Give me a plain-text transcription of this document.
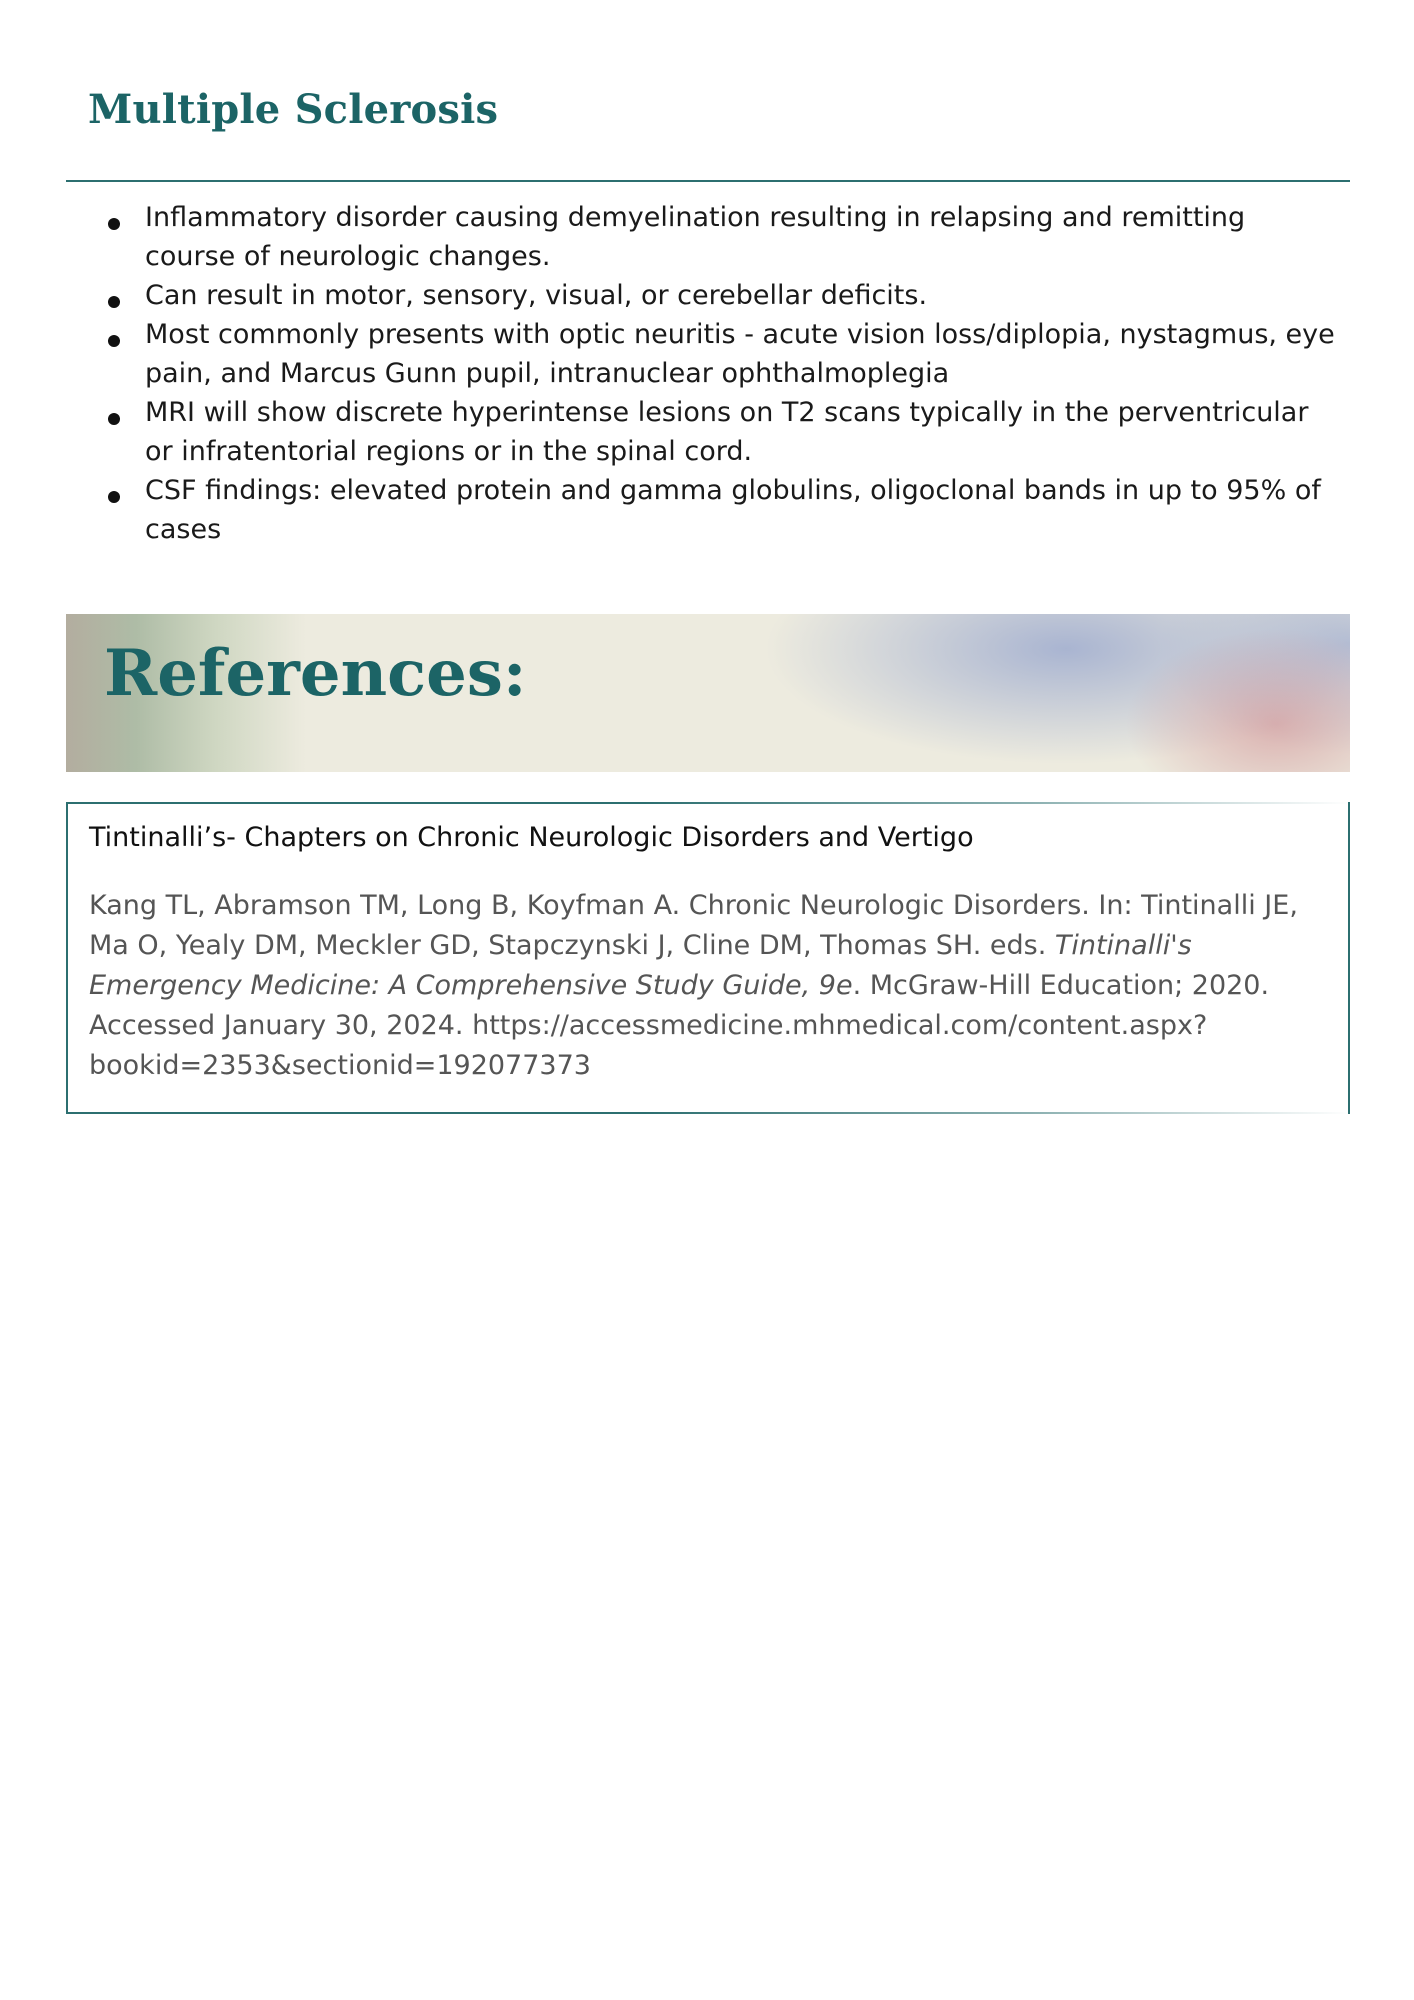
Multiple Sclerosis
Inflammatory disorder causing demyelination resulting in relapsing and remitting course of neurologic changes.
Can result in motor, sensory, visual, or cerebellar deficits.
Most commonly presents with optic neuritis - acute vision loss/diplopia, nystagmus, eye pain, and Marcus Gunn pupil, intranuclear ophthalmoplegia
MRI will show discrete hyperintense lesions on T2 scans typically in the perventricular or infratentorial regions or in the spinal cord.
CSF findings: elevated protein and gamma globulins, oligoclonal bands in up to 95% of cases
References:

Tintinalli’s- Chapters on Chronic Neurologic Disorders and Vertigo

Kang TL, Abramson TM, Long B, Koyfman A. Chronic Neurologic Disorders. In: Tintinalli JE, Ma O, Yealy DM, Meckler GD, Stapczynski J, Cline DM, Thomas SH. eds. Tintinalli's Emergency Medicine: A Comprehensive Study Guide, 9e. McGraw-Hill Education; 2020. Accessed January 30, 2024. https://accessmedicine.mhmedical.com/content.aspx?bookid=2353&sectionid=192077373
